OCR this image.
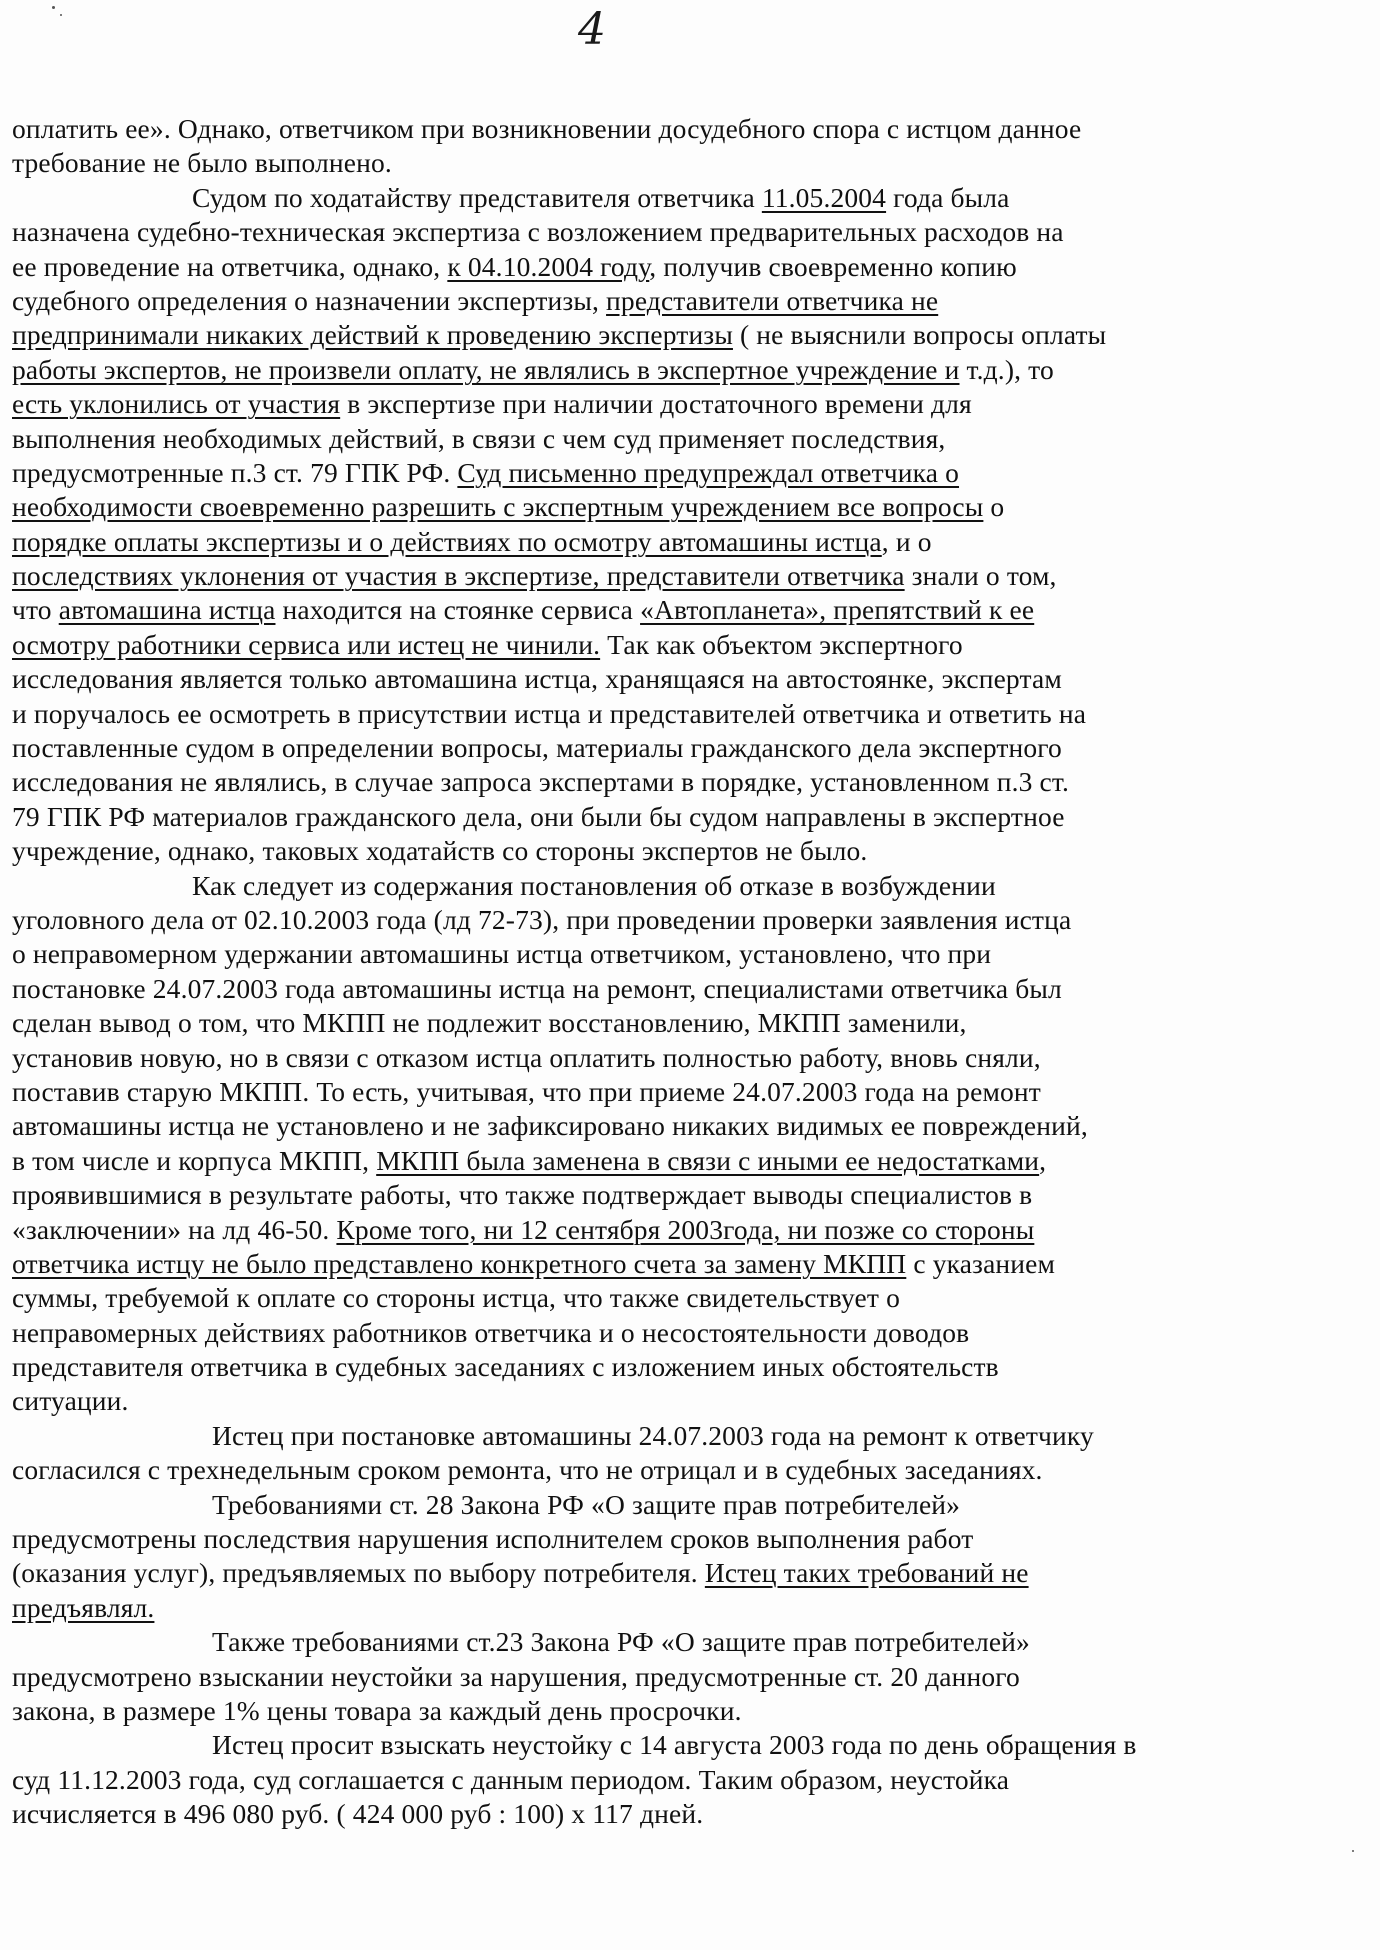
4
оплатить ее». Однако, ответчиком при возникновении досудебного спора с истцом данное
требование не было выполнено.
Судом по ходатайству представителя ответчика 11.05.2004 года была
назначена судебно-техническая экспертиза с возложением предварительных расходов на
ее проведение на ответчика, однако, к 04.10.2004 году, получив своевременно копию
судебного определения о назначении экспертизы, представители ответчика не
предпринимали никаких действий к проведению экспертизы ( не выяснили вопросы оплаты
работы экспертов, не произвели оплату, не являлись в экспертное учреждение и т.д.), то
есть уклонились от участия в экспертизе при наличии достаточного времени для
выполнения необходимых действий, в связи с чем суд применяет последствия,
предусмотренные п.3 ст. 79 ГПК РФ. Суд письменно предупреждал ответчика о
необходимости своевременно разрешить с экспертным учреждением все вопросы о
порядке оплаты экспертизы и о действиях по осмотру автомашины истца, и о
последствиях уклонения от участия в экспертизе, представители ответчика знали о том,
что автомашина истца находится на стоянке сервиса «Автопланета», препятствий к ее
осмотру работники сервиса или истец не чинили. Так как объектом экспертного
исследования является только автомашина истца, хранящаяся на автостоянке, экспертам
и поручалось ее осмотреть в присутствии истца и представителей ответчика и ответить на
поставленные судом в определении вопросы, материалы гражданского дела экспертного
исследования не являлись, в случае запроса экспертами в порядке, установленном п.3 ст.
79 ГПК РФ материалов гражданского дела, они были бы судом направлены в экспертное
учреждение, однако, таковых ходатайств со стороны экспертов не было.
Как следует из содержания постановления об отказе в возбуждении
уголовного дела от 02.10.2003 года (лд 72-73), при проведении проверки заявления истца
о неправомерном удержании автомашины истца ответчиком, установлено, что при
постановке 24.07.2003 года автомашины истца на ремонт, специалистами ответчика был
сделан вывод о том, что МКПП не подлежит восстановлению, МКПП заменили,
установив новую, но в связи с отказом истца оплатить полностью работу, вновь сняли,
поставив старую МКПП. То есть, учитывая, что при приеме 24.07.2003 года на ремонт
автомашины истца не установлено и не зафиксировано никаких видимых ее повреждений,
в том числе и корпуса МКПП, МКПП была заменена в связи с иными ее недостатками,
проявившимися в результате работы, что также подтверждает выводы специалистов в
«заключении» на лд 46-50. Кроме того, ни 12 сентября 2003года, ни позже со стороны
ответчика истцу не было представлено конкретного счета за замену МКПП с указанием
суммы, требуемой к оплате со стороны истца, что также свидетельствует о
неправомерных действиях работников ответчика и о несостоятельности доводов
представителя ответчика в судебных заседаниях с изложением иных обстоятельств
ситуации.
Истец при постановке автомашины 24.07.2003 года на ремонт к ответчику
согласился с трехнедельным сроком ремонта, что не отрицал и в судебных заседаниях.
Требованиями ст. 28 Закона РФ «О защите прав потребителей»
предусмотрены последствия нарушения исполнителем сроков выполнения работ
(оказания услуг), предъявляемых по выбору потребителя. Истец таких требований не
предъявлял.
Также требованиями ст.23 Закона РФ «О защите прав потребителей»
предусмотрено взыскании неустойки за нарушения, предусмотренные ст. 20 данного
закона, в размере 1% цены товара за каждый день просрочки.
Истец просит взыскать неустойку с 14 августа 2003 года по день обращения в
суд 11.12.2003 года, суд соглашается с данным периодом. Таким образом, неустойка
исчисляется в 496 080 руб. ( 424 000 руб : 100) х 117 дней.
